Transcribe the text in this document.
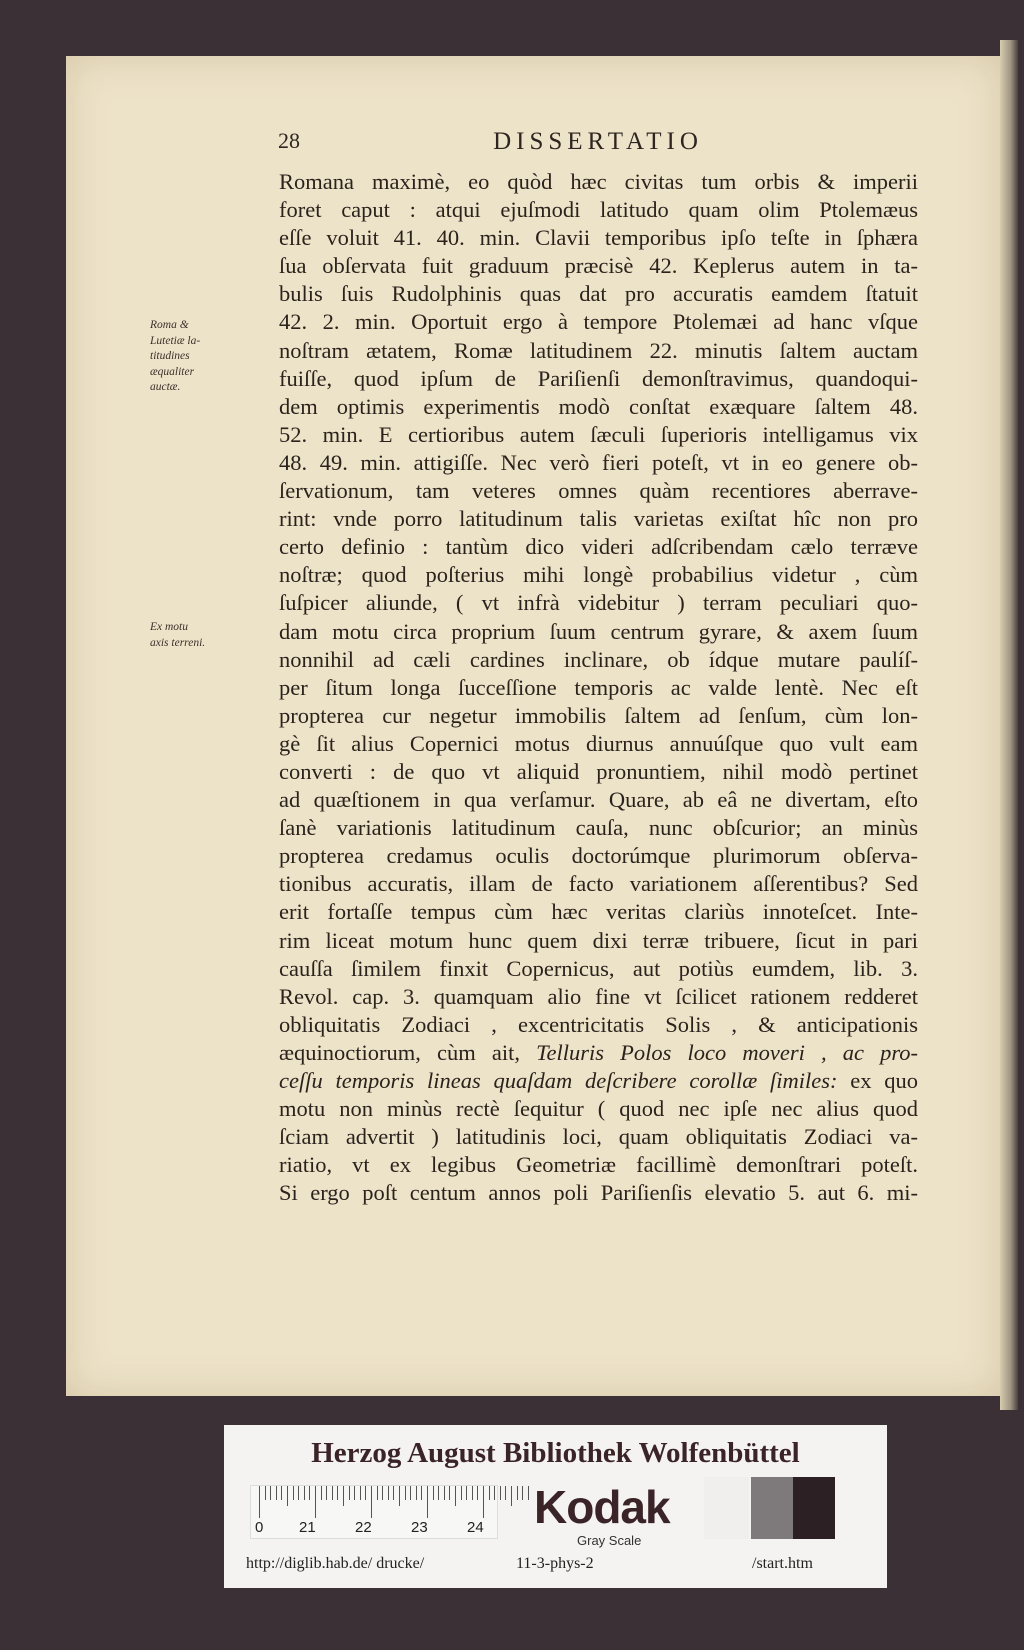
28	DISSERTATIO
Roma &
Lutetiæ la-
titudines
æqualiter
auctæ.
Ex motu
axis terreni.
Romana maximè, eo quòd hæc civitas tum orbis & imperii
foret caput : atqui ejuſmodi latitudo quam olim Ptolemæus
eſſe voluit 41. 40. min. Clavii temporibus ipſo teſte in ſphæra
ſua obſervata fuit graduum præcisè 42. Keplerus autem in ta-
bulis ſuis Rudolphinis quas dat pro accuratis eamdem ſtatuit
42. 2. min. Oportuit ergo à tempore Ptolemæi ad hanc vſque
noſtram ætatem, Romæ latitudinem 22. minutis ſaltem auctam
fuiſſe, quod ipſum de Pariſienſi demonſtravimus, quandoqui-
dem optimis experimentis modò conſtat exæquare ſaltem 48.
52. min. E certioribus autem ſæculi ſuperioris intelligamus vix
48. 49. min. attigiſſe. Nec verò fieri poteſt, vt in eo genere ob-
ſervationum, tam veteres omnes quàm recentiores aberrave-
rint: vnde porro latitudinum talis varietas exiſtat hîc non pro
certo definio : tantùm dico videri adſcribendam cælo terræve
noſtræ; quod poſterius mihi longè probabilius videtur , cùm
ſuſpicer aliunde, ( vt infrà videbitur ) terram peculiari quo-
dam motu circa proprium ſuum centrum gyrare, & axem ſuum
nonnihil ad cæli cardines inclinare, ob ídque mutare paulíſ-
per ſitum longa ſucceſſione temporis ac valde lentè. Nec eſt
propterea cur negetur immobilis ſaltem ad ſenſum, cùm lon-
gè ſit alius Copernici motus diurnus annuúſque quo vult eam
converti : de quo vt aliquid pronuntiem, nihil modò pertinet
ad quæſtionem in qua verſamur. Quare, ab eâ ne divertam, eſto
ſanè variationis latitudinum cauſa, nunc obſcurior; an minùs
propterea credamus oculis doctorúmque plurimorum obſerva-
tionibus accuratis, illam de facto variationem aſſerentibus? Sed
erit fortaſſe tempus cùm hæc veritas clariùs innoteſcet. Inte-
rim liceat motum hunc quem dixi terræ tribuere, ſicut in pari
cauſſa ſimilem finxit Copernicus, aut potiùs eumdem, lib. 3.
Revol. cap. 3. quamquam alio fine vt ſcilicet rationem redderet
obliquitatis Zodiaci , excentricitatis Solis , & anticipationis
æquinoctiorum, cùm ait, Telluris Polos loco moveri , ac pro-
ceſſu temporis lineas quaſdam deſcribere corollæ ſimiles: ex quo
motu non minùs rectè ſequitur ( quod nec ipſe nec alius quod
ſciam advertit ) latitudinis loci, quam obliquitatis Zodiaci va-
riatio, vt ex legibus Geometriæ facillimè demonſtrari poteſt.
Si ergo poſt centum annos poli Pariſienſis elevatio 5. aut 6. mi-
Herzog August Bibliothek Wolfenbüttel
0 21	22	23	24 Kodak
Gray Scale
http://diglib.hab.de/ drucke/	11-3-phys-2	/start.htm
